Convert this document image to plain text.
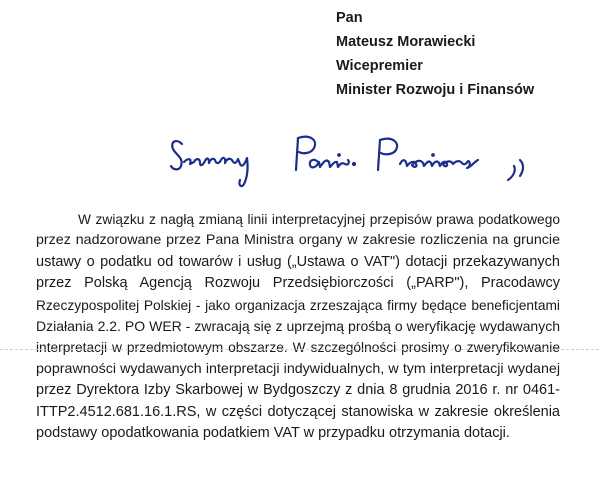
Pan
Mateusz Morawiecki
Wicepremier
Minister Rozwoju i Finansów
W związku z nagłą zmianą linii interpretacyjnej przepisów prawa podatkowego
przez nadzorowane przez Pana Ministra organy w zakresie rozliczenia na gruncie
ustawy o podatku od towarów i usług („Ustawa o VAT") dotacji przekazywanych
przez Polską Agencją Rozwoju Przedsiębiorczości („PARP"), Pracodawcy
Rzeczypospolitej Polskiej - jako organizacja zrzeszająca firmy będące beneficjentami
Działania 2.2. PO WER - zwracają się z uprzejmą prośbą o weryfikację wydawanych
interpretacji w przedmiotowym obszarze. W szczególności prosimy o zweryfikowanie
poprawności wydawanych interpretacji indywidualnych, w tym interpretacji wydanej
przez Dyrektora Izby Skarbowej w Bydgoszczy z dnia 8 grudnia 2016 r. nr 0461-
ITTP2.4512.681.16.1.RS, w części dotyczącej stanowiska w zakresie określenia
podstawy opodatkowania podatkiem VAT w przypadku otrzymania dotacji.
